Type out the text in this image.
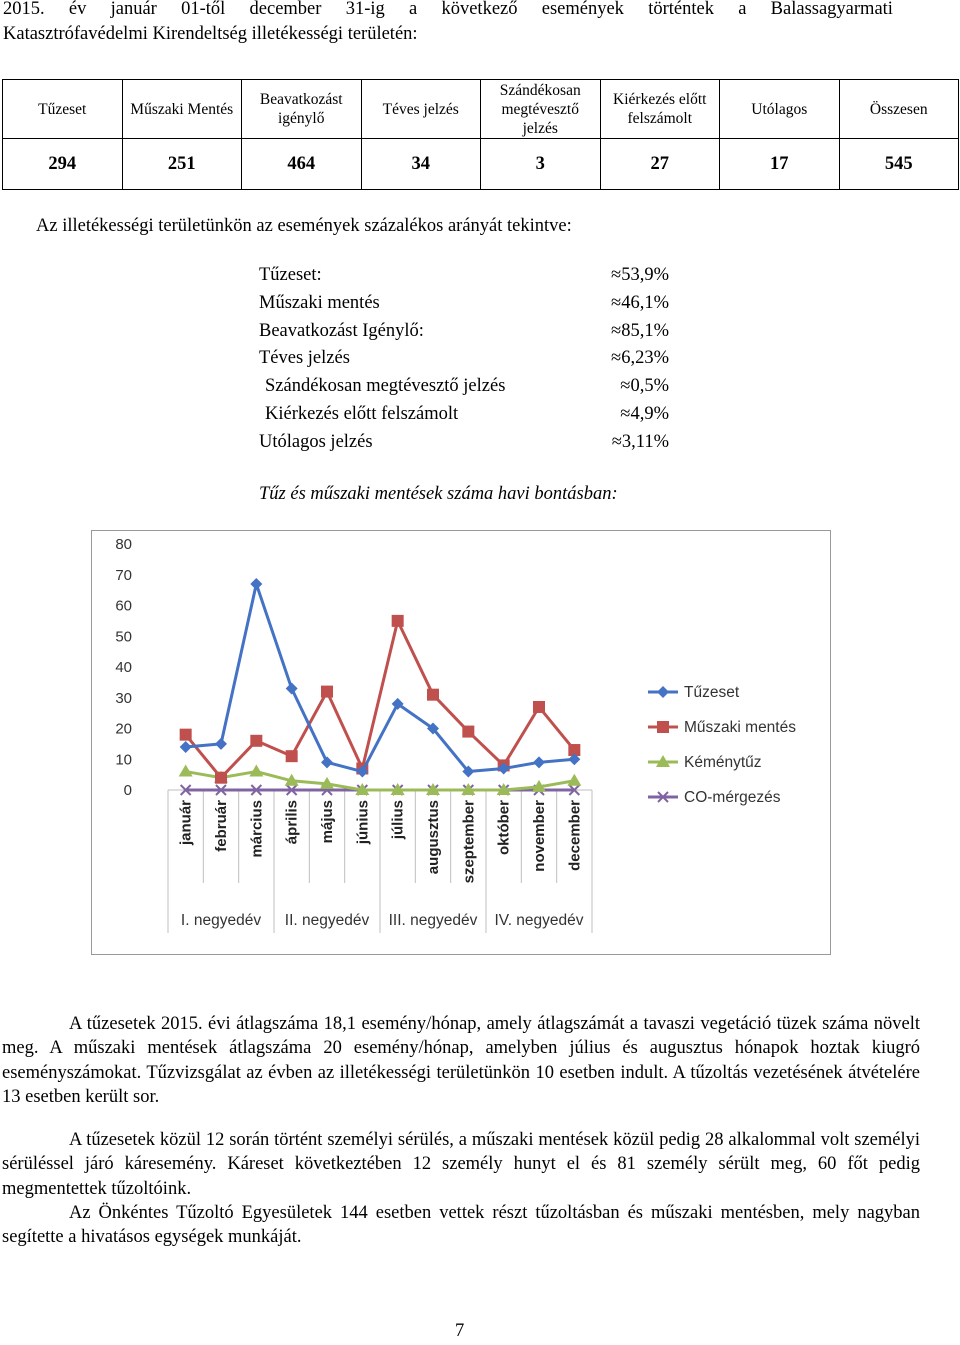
2015. év január 01-től december 31-ig a következő események történtek a Balassagyarmati
Katasztrófavédelmi Kirendeltség illetékességi területén:
Tűzeset	Műszaki Mentés	Beavatkozást igénylő	Téves jelzés	Szándékosan megtévesztő jelzés	Kiérkezés előtt felszámolt	Utólagos	Összesen
294	251	464	34	3	27	17	545
Az illetékességi területünkön az események százalékos arányát tekintve:
Tűzeset:	≈53,9%
Műszaki mentés	≈46,1%
Beavatkozást Igénylő:	≈85,1%
Téves jelzés	≈6,23%
Szándékosan megtévesztő jelzés	≈0,5%
Kiérkezés előtt felszámolt	≈4,9%
Utólagos jelzés	≈3,11%
Tűz és műszaki mentések száma havi bontásban:
0
10
20
30
40
50
60
70
80
január február március április május június július augusztus szeptember október november december
I. negyedév II. negyedév III. negyedév IV. negyedév
Tűzeset
Műszaki mentés
Kéménytűz
CO-mérgezés

A tűzesetek 2015. évi átlagszáma 18,1 esemény/hónap, amely átlagszámát a tavaszi vegetáció tüzek száma növelt meg. A műszaki mentések átlagszáma 20 esemény/hónap, amelyben július és augusztus hónapok hoztak kiugró eseményszámokat. Tűzvizsgálat az évben az illetékességi területünkön 10 esetben indult. A tűzoltás vezetésének átvételére 13 esetben került sor.

A tűzesetek közül 12 során történt személyi sérülés, a műszaki mentések közül pedig 28 alkalommal volt személyi sérüléssel járó káresemény. Káreset következtében 12 személy hunyt el és 81 személy sérült meg, 60 főt pedig megmentettek tűzoltóink.

Az Önkéntes Tűzoltó Egyesületek 144 esetben vettek részt tűzoltásban és műszaki mentésben, mely nagyban segítette a hivatásos egységek munkáját.

7
